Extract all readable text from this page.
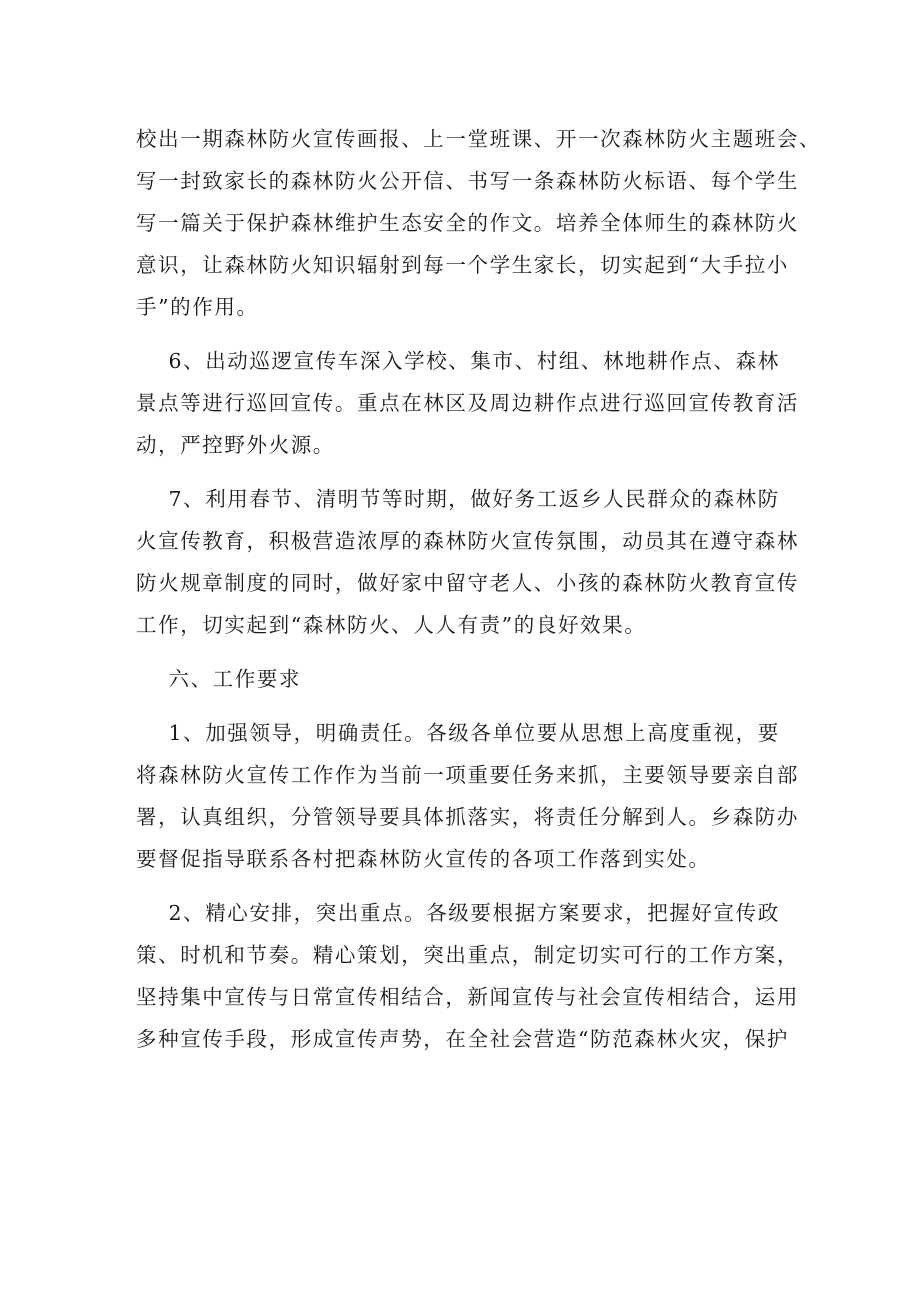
校出一期森林防火宣传画报、上一堂班课、开一次森林防火主题班会、
写一封致家长的森林防火公开信、书写一条森林防火标语、每个学生
写一篇关于保护森林维护生态安全的作文。培养全体师生的森林防火
意识，让森林防火知识辐射到每一个学生家长，切实起到“大手拉小
手”的作用。
6、出动巡逻宣传车深入学校、集市、村组、林地耕作点、森林
景点等进行巡回宣传。重点在林区及周边耕作点进行巡回宣传教育活
动，严控野外火源。
7、利用春节、清明节等时期，做好务工返乡人民群众的森林防
火宣传教育，积极营造浓厚的森林防火宣传氛围，动员其在遵守森林
防火规章制度的同时，做好家中留守老人、小孩的森林防火教育宣传
工作，切实起到“森林防火、人人有责”的良好效果。
六、工作要求
1、加强领导，明确责任。各级各单位要从思想上高度重视，要
将森林防火宣传工作作为当前一项重要任务来抓，主要领导要亲自部
署，认真组织，分管领导要具体抓落实，将责任分解到人。乡森防办
要督促指导联系各村把森林防火宣传的各项工作落到实处。
2、精心安排，突出重点。各级要根据方案要求，把握好宣传政
策、时机和节奏。精心策划，突出重点，制定切实可行的工作方案，
坚持集中宣传与日常宣传相结合，新闻宣传与社会宣传相结合，运用
多种宣传手段，形成宣传声势，在全社会营造“防范森林火灾，保护
